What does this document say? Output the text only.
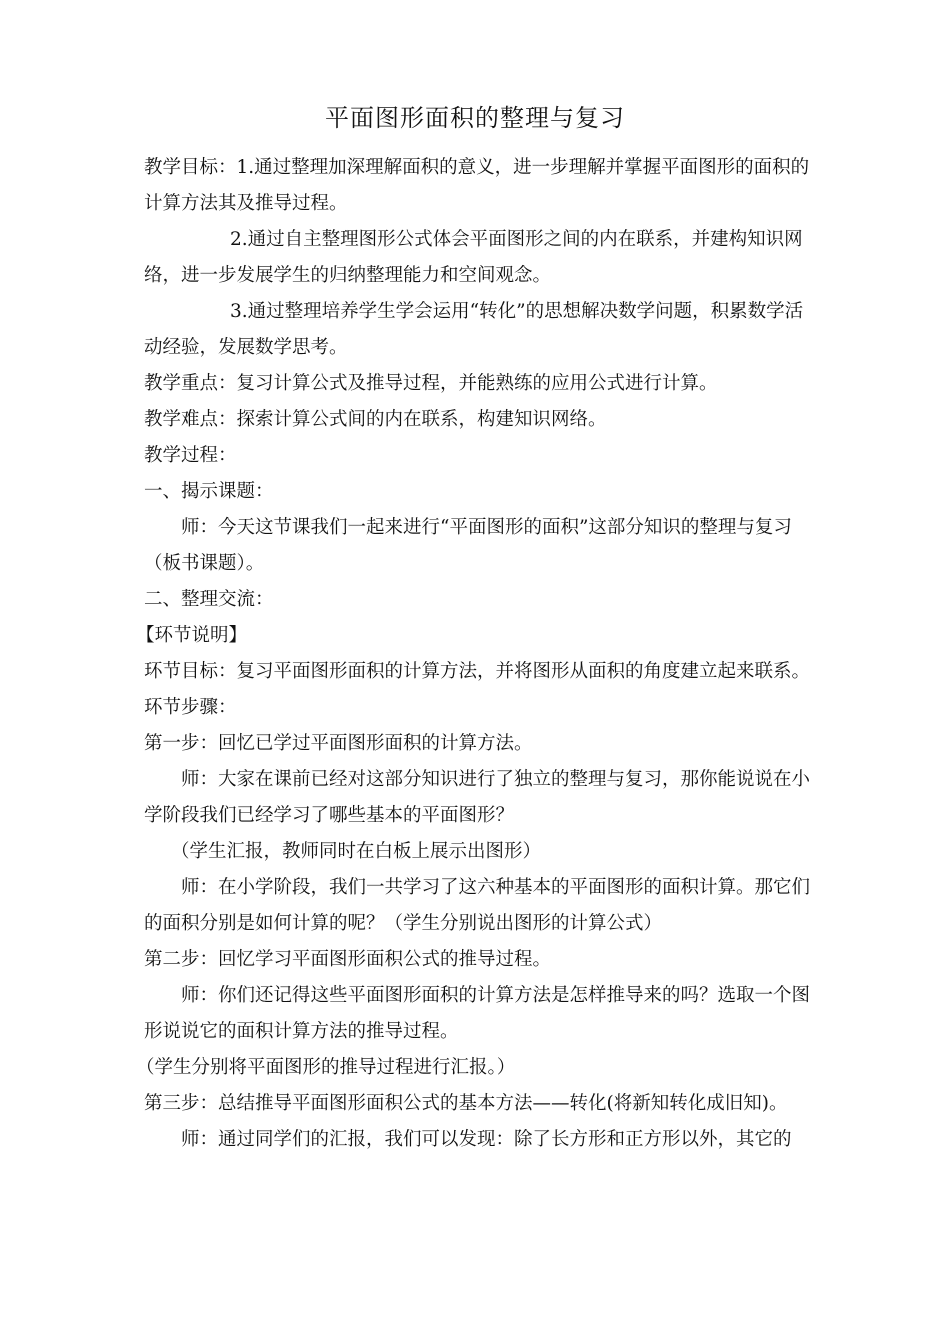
平面图形面积的整理与复习

教学目标：1.通过整理加深理解面积的意义，进一步理解并掌握平面图形的面积的计算方法其及推导过程。

2.通过自主整理图形公式体会平面图形之间的内在联系，并建构知识网络，进一步发展学生的归纳整理能力和空间观念。

3.通过整理培养学生学会运用“转化”的思想解决数学问题，积累数学活动经验，发展数学思考。

教学重点：复习计算公式及推导过程，并能熟练的应用公式进行计算。

教学难点：探索计算公式间的内在联系，构建知识网络。

教学过程：

一、揭示课题：

师：今天这节课我们一起来进行“平面图形的面积”这部分知识的整理与复习（板书课题）。

二、整理交流：

【环节说明】

环节目标：复习平面图形面积的计算方法，并将图形从面积的角度建立起来联系。

环节步骤：

第一步：回忆已学过平面图形面积的计算方法。

师：大家在课前已经对这部分知识进行了独立的整理与复习，那你能说说在小学阶段我们已经学习了哪些基本的平面图形？

（学生汇报，教师同时在白板上展示出图形）

师：在小学阶段，我们一共学习了这六种基本的平面图形的面积计算。那它们的面积分别是如何计算的呢？（学生分别说出图形的计算公式）

第二步：回忆学习平面图形面积公式的推导过程。

师：你们还记得这些平面图形面积的计算方法是怎样推导来的吗？选取一个图形说说它的面积计算方法的推导过程。

（学生分别将平面图形的推导过程进行汇报。）

第三步：总结推导平面图形面积公式的基本方法——转化(将新知转化成旧知)。

师：通过同学们的汇报，我们可以发现：除了长方形和正方形以外，其它的
